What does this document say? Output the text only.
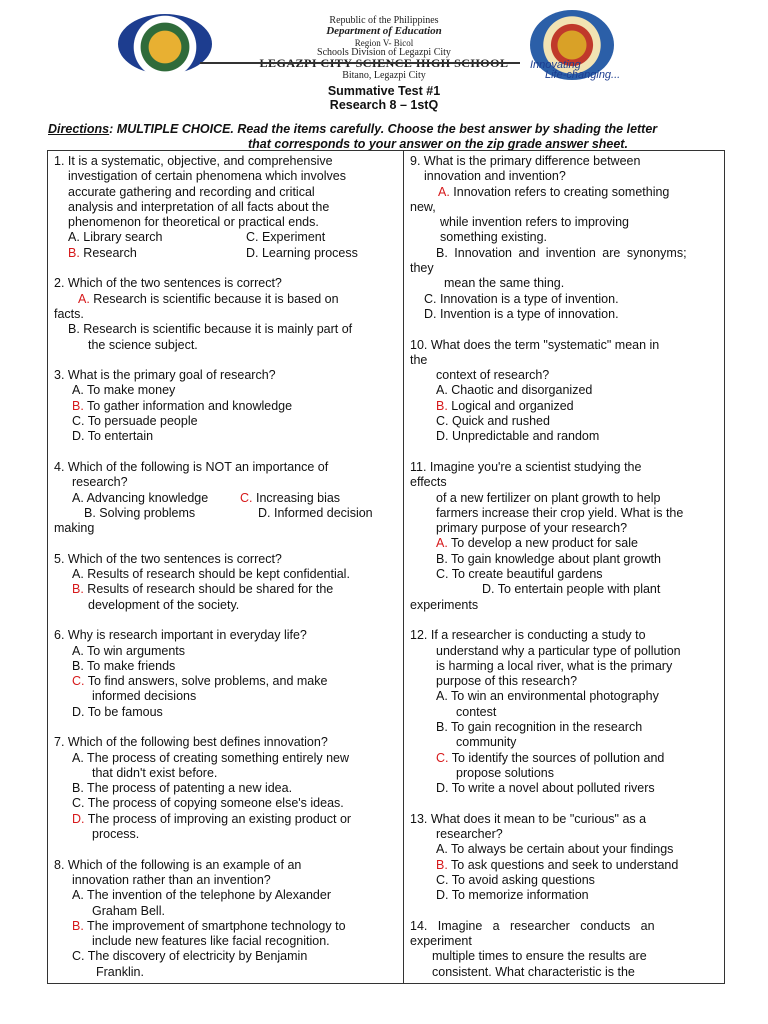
Republic of the Philippines
Department of Education
Region V- Bicol
Schools Division of Legazpi City
Bitano, Legazpi City
Innovating
Life-changing...
Summative Test #1
Research 8 – 1stQ
Directions: MULTIPLE CHOICE. Read the items carefully. Choose the best answer by shading the letter
that corresponds to your answer on the zip grade answer sheet.
1. It is a systematic, objective, and comprehensive
investigation of certain phenomena which involves
accurate gathering and recording and critical
analysis and interpretation of all facts about the
phenomenon for theoretical or practical ends.
A. Library search	C. Experiment
B. Research	D. Learning process
2. Which of the two sentences is correct?
A. Research is scientific because it is based on
facts.
B. Research is scientific because it is mainly part of
the science subject.
3. What is the primary goal of research?
A. To make money
B. To gather information and knowledge
C. To persuade people
D. To entertain
4. Which of the following is NOT an importance of
research?
A. Advancing knowledge	C. Increasing bias
B. Solving problems	D. Informed decision
making
5. Which of the two sentences is correct?
A. Results of research should be kept confidential.
B. Results of research should be shared for the
development of the society.
6. Why is research important in everyday life?
A. To win arguments
B. To make friends
C. To find answers, solve problems, and make
informed decisions
D. To be famous
7. Which of the following best defines innovation?
A. The process of creating something entirely new
that didn't exist before.
B. The process of patenting a new idea.
C. The process of copying someone else's ideas.
D. The process of improving an existing product or
process.
8. Which of the following is an example of an
innovation rather than an invention?
A. The invention of the telephone by Alexander
Graham Bell.
B. The improvement of smartphone technology to
include new features like facial recognition.
C. The discovery of electricity by Benjamin
Franklin.
9. What is the primary difference between
innovation and invention?
A. Innovation refers to creating something
new,
while invention refers to improving
something existing.
B. Innovation and invention are synonyms;
they
mean the same thing.
C. Innovation is a type of invention.
D. Invention is a type of innovation.
10. What does the term "systematic" mean in
the
context of research?
A. Chaotic and disorganized
B. Logical and organized
C. Quick and rushed
D. Unpredictable and random
11. Imagine you're a scientist studying the
effects
of a new fertilizer on plant growth to help
farmers increase their crop yield. What is the
primary purpose of your research?
A. To develop a new product for sale
B. To gain knowledge about plant growth
C. To create beautiful gardens
D. To entertain people with plant
experiments
12. If a researcher is conducting a study to
understand why a particular type of pollution
is harming a local river, what is the primary
purpose of this research?
A. To win an environmental photography
contest
B. To gain recognition in the research
community
C. To identify the sources of pollution and
propose solutions
D. To write a novel about polluted rivers
13. What does it mean to be "curious" as a
researcher?
A. To always be certain about your findings
B. To ask questions and seek to understand
C. To avoid asking questions
D. To memorize information
14.   Imagine   a   researcher   conducts   an
experiment
multiple times to ensure the results are
consistent. What characteristic is the
